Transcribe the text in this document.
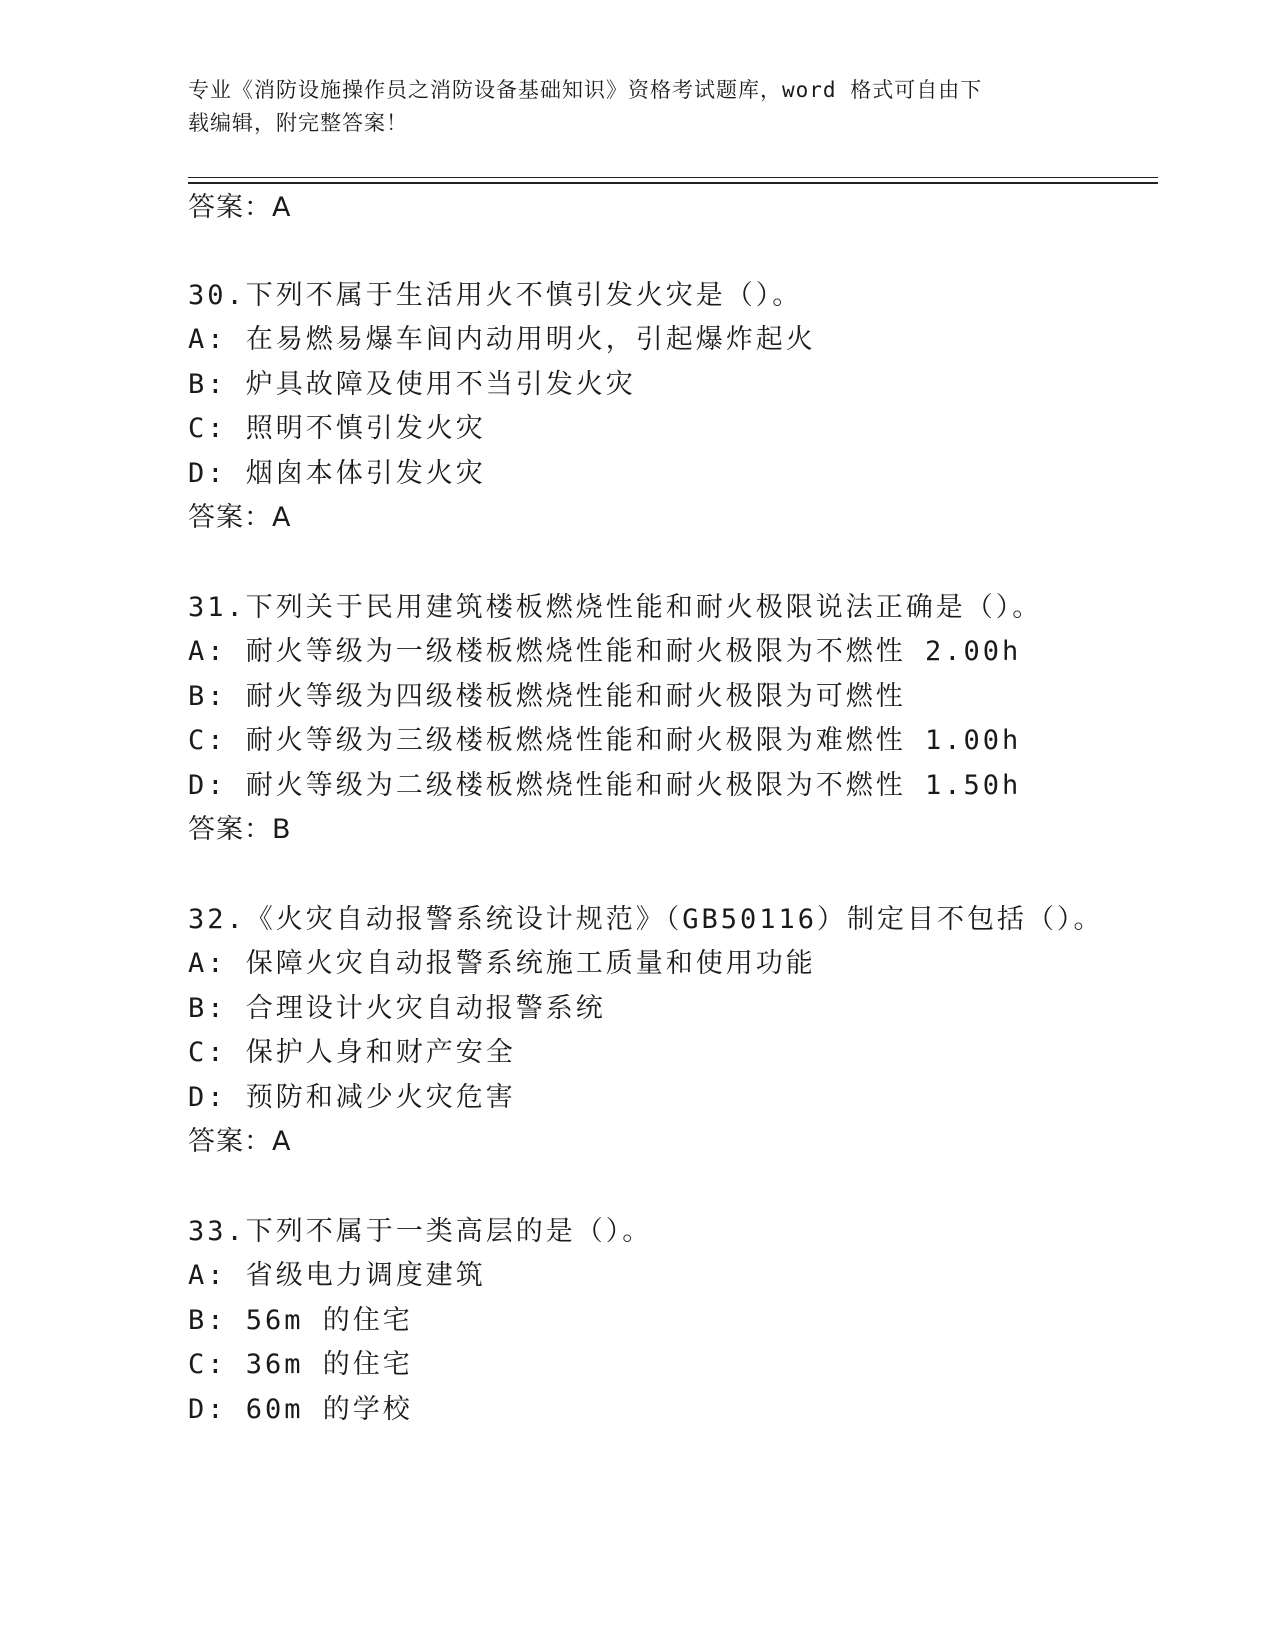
专业《消防设施操作员之消防设备基础知识》资格考试题库，word 格式可自由下
载编辑，附完整答案！
答案：A
30.下列不属于生活用火不慎引发火灾是（）。
A: 在易燃易爆车间内动用明火，引起爆炸起火
B: 炉具故障及使用不当引发火灾
C: 照明不慎引发火灾
D: 烟囱本体引发火灾
答案：A
31.下列关于民用建筑楼板燃烧性能和耐火极限说法正确是（）。
A: 耐火等级为一级楼板燃烧性能和耐火极限为不燃性 2.00h
B: 耐火等级为四级楼板燃烧性能和耐火极限为可燃性
C: 耐火等级为三级楼板燃烧性能和耐火极限为难燃性 1.00h
D: 耐火等级为二级楼板燃烧性能和耐火极限为不燃性 1.50h
答案：B
32.《火灾自动报警系统设计规范》（GB50116）制定目不包括（）。
A: 保障火灾自动报警系统施工质量和使用功能
B: 合理设计火灾自动报警系统
C: 保护人身和财产安全
D: 预防和减少火灾危害
答案：A
33.下列不属于一类高层的是（）。
A: 省级电力调度建筑
B: 56m 的住宅
C: 36m 的住宅
D: 60m 的学校
